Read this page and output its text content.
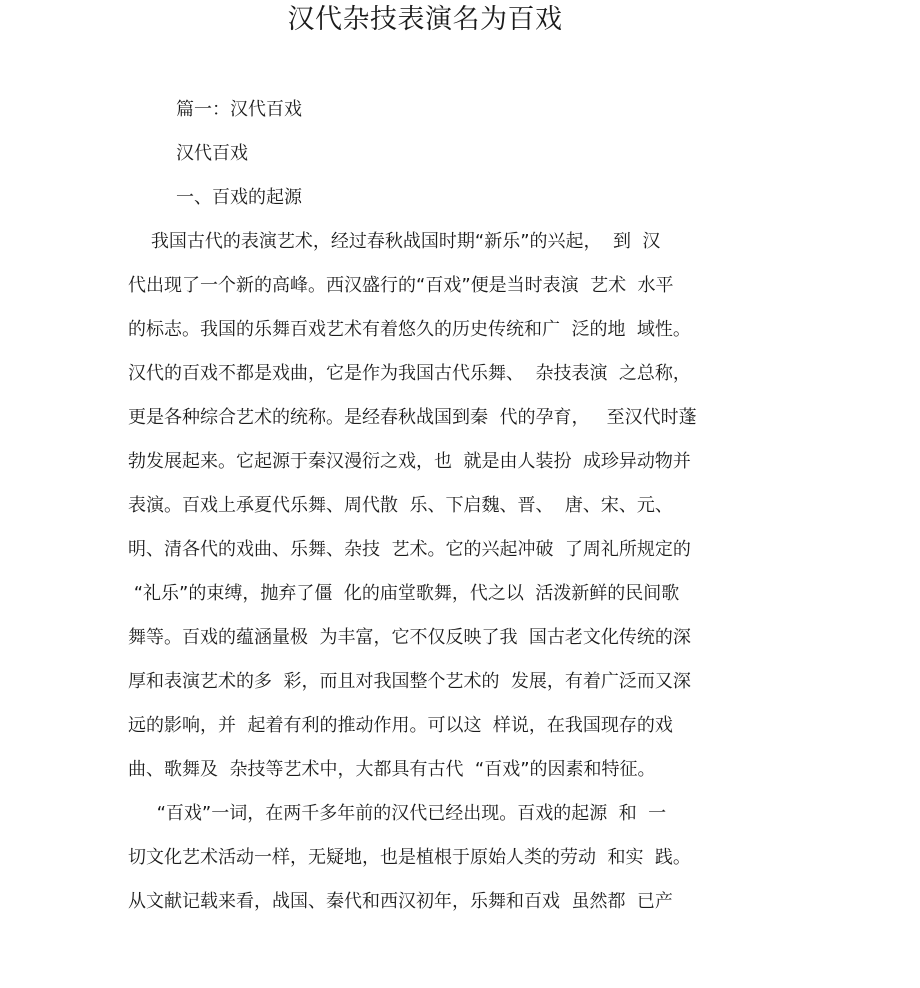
汉代杂技表演名为百戏
篇一：汉代百戏
汉代百戏
一、百戏的起源
我国古代的表演艺术，经过春秋战国时期“新乐”的兴起，  到  汉
代出现了一个新的高峰。西汉盛行的“百戏”便是当时表演  艺术  水平
的标志。我国的乐舞百戏艺术有着悠久的历史传统和广  泛的地  域性。
汉代的百戏不都是戏曲，它是作为我国古代乐舞、  杂技表演  之总称，
更是各种综合艺术的统称。是经春秋战国到秦  代的孕育，   至汉代时蓬
勃发展起来。它起源于秦汉漫衍之戏，也  就是由人装扮  成珍异动物并
表演。百戏上承夏代乐舞、周代散  乐、下启魏、晋、  唐、宋、元、
明、清各代的戏曲、乐舞、杂技  艺术。它的兴起冲破  了周礼所规定的
“礼乐”的束缚，抛弃了僵  化的庙堂歌舞，代之以  活泼新鲜的民间歌
舞等。百戏的蕴涵量极  为丰富，它不仅反映了我  国古老文化传统的深
厚和表演艺术的多  彩，而且对我国整个艺术的  发展，有着广泛而又深
远的影响，并  起着有利的推动作用。可以这  样说，在我国现存的戏
曲、歌舞及  杂技等艺术中，大都具有古代  “百戏”的因素和特征。
“百戏”一词，在两千多年前的汉代已经出现。百戏的起源  和  一
切文化艺术活动一样，无疑地，也是植根于原始人类的劳动  和实  践。
从文献记载来看，战国、秦代和西汉初年，乐舞和百戏  虽然都  已产
